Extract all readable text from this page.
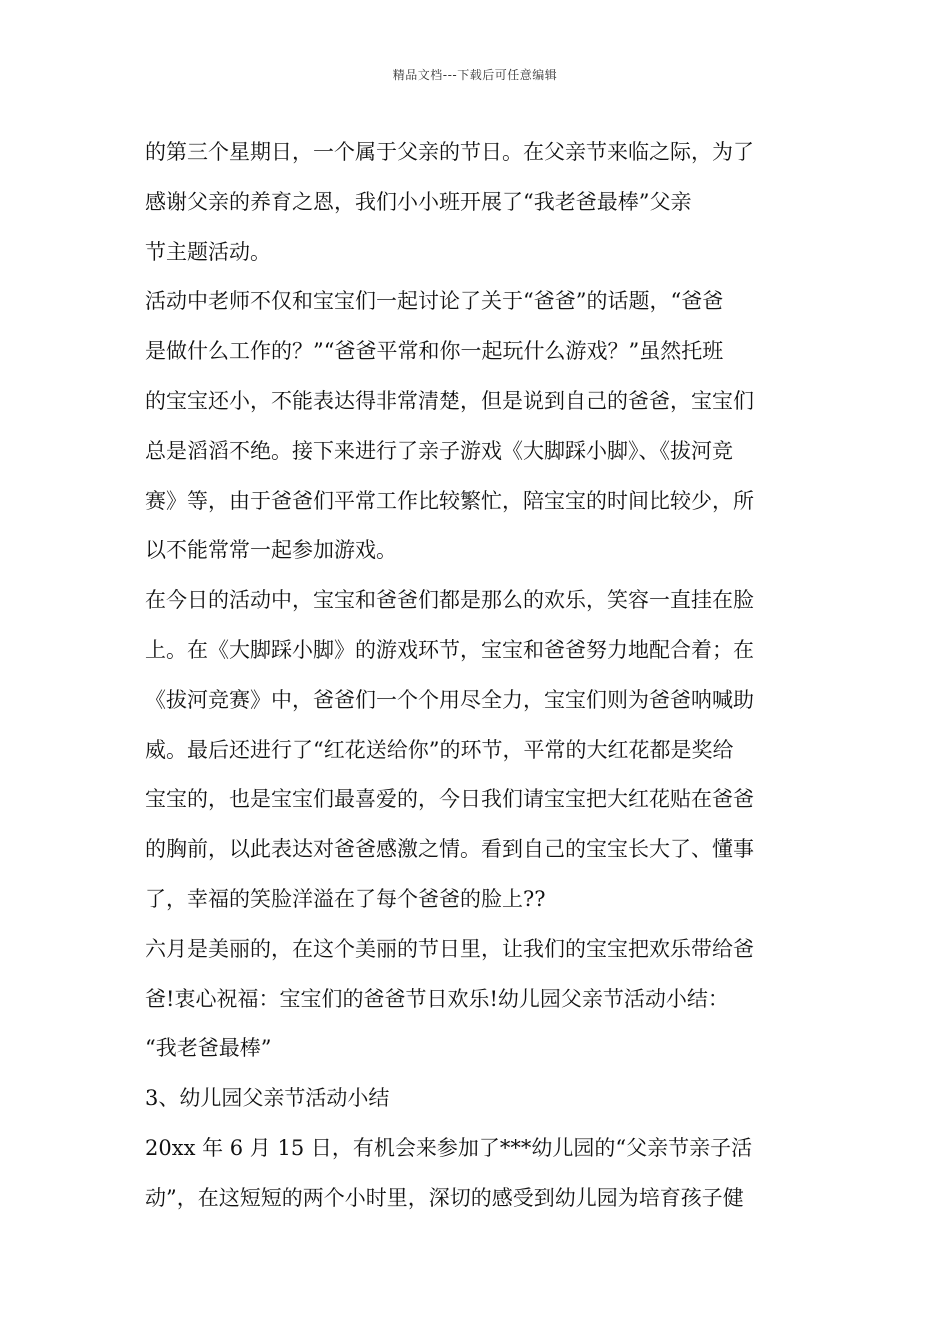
精品文档---下载后可任意编辑
的第三个星期日，一个属于父亲的节日。在父亲节来临之际，为了
感谢父亲的养育之恩，我们小小班开展了“我老爸最棒”父亲
节主题活动。
活动中老师不仅和宝宝们一起讨论了关于“爸爸”的话题，“爸爸
是做什么工作的？”“爸爸平常和你一起玩什么游戏？”虽然托班
的宝宝还小，不能表达得非常清楚，但是说到自己的爸爸，宝宝们
总是滔滔不绝。接下来进行了亲子游戏《大脚踩小脚》、《拔河竞
赛》等，由于爸爸们平常工作比较繁忙，陪宝宝的时间比较少，所
以不能常常一起参加游戏。
在今日的活动中，宝宝和爸爸们都是那么的欢乐，笑容一直挂在脸
上。在《大脚踩小脚》的游戏环节，宝宝和爸爸努力地配合着；在
《拔河竞赛》中，爸爸们一个个用尽全力，宝宝们则为爸爸呐喊助
威。最后还进行了“红花送给你”的环节，平常的大红花都是奖给
宝宝的，也是宝宝们最喜爱的，今日我们请宝宝把大红花贴在爸爸
的胸前，以此表达对爸爸感激之情。看到自己的宝宝长大了、懂事
了，幸福的笑脸洋溢在了每个爸爸的脸上??
六月是美丽的，在这个美丽的节日里，让我们的宝宝把欢乐带给爸
爸!衷心祝福：宝宝们的爸爸节日欢乐!幼儿园父亲节活动小结：
“我老爸最棒”
3、幼儿园父亲节活动小结
20xx 年 6 月 15 日，有机会来参加了***幼儿园的“父亲节亲子活
动”，在这短短的两个小时里，深切的感受到幼儿园为培育孩子健
